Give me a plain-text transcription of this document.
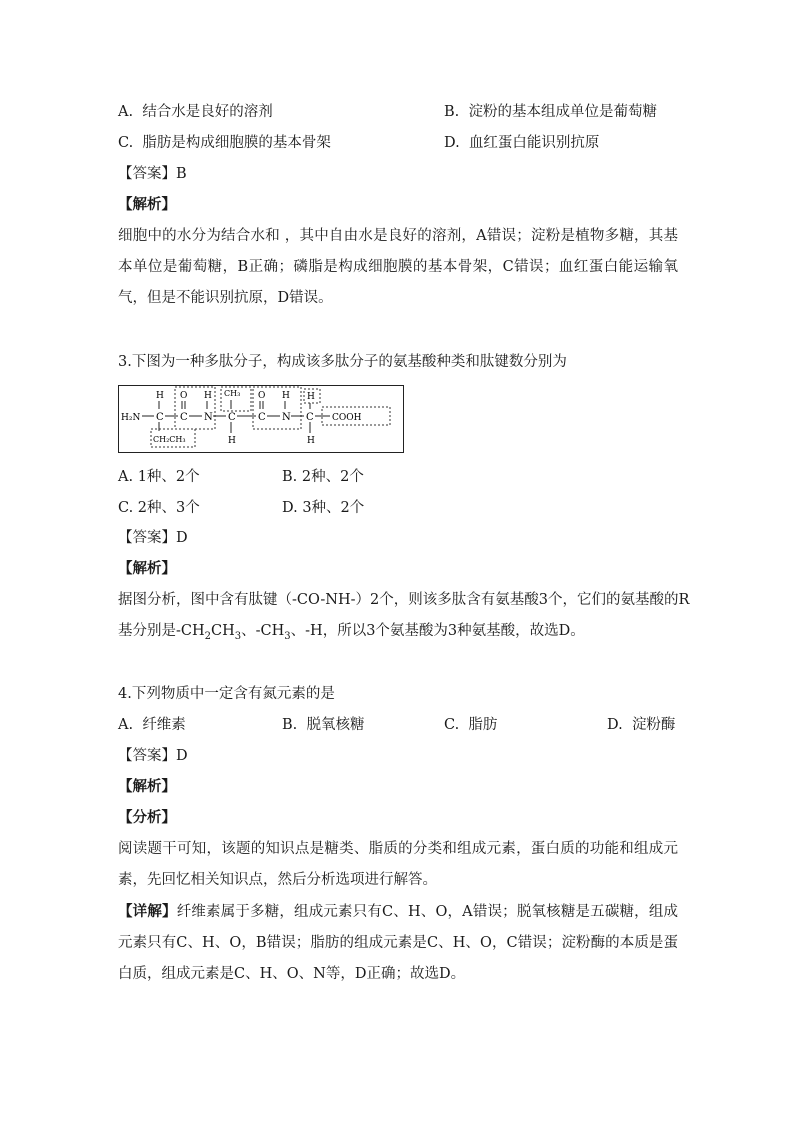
A. 结合水是良好的溶剂	B. 淀粉的基本组成单位是葡萄糖
C. 脂肪是构成细胞膜的基本骨架	D. 血红蛋白能识别抗原
【答案】B
【解析】
细胞中的水分为结合水和 ，其中自由水是良好的溶剂，A错误；淀粉是植物多糖，其基本单位是葡萄糖，B正确；磷脂是构成细胞膜的基本骨架，C错误；血红蛋白能运输氧气，但是不能识别抗原，D错误。
3.下图为一种多肽分子，构成该多肽分子的氨基酸种类和肽键数分别为
H₂N C C N C C N C COOH
H O H CH₃ O H H
CH₂CH₃	H	H
A. 1种、2个	B. 2种、2个
C. 2种、3个	D. 3种、2个
【答案】D
【解析】
据图分析，图中含有肽键（-CO-NH-）2个，则该多肽含有氨基酸3个，它们的氨基酸的R
基分别是$-CH_2CH_3$、$-CH_3$、-H，所以3个氨基酸为3种氨基酸，故选D。
4.下列物质中一定含有氮元素的是
A. 纤维素	B. 脱氧核糖	C. 脂肪	D. 淀粉酶
【答案】D
【解析】
【分析】
阅读题干可知，该题的知识点是糖类、脂质的分类和组成元素，蛋白质的功能和组成元素，先回忆相关知识点，然后分析选项进行解答。
【详解】纤维素属于多糖，组成元素只有C、H、O，A错误；脱氧核糖是五碳糖，组成元素只有C、H、O，B错误；脂肪的组成元素是C、H、O，C错误；淀粉酶的本质是蛋白质，组成元素是C、H、O、N等，D正确；故选D。
